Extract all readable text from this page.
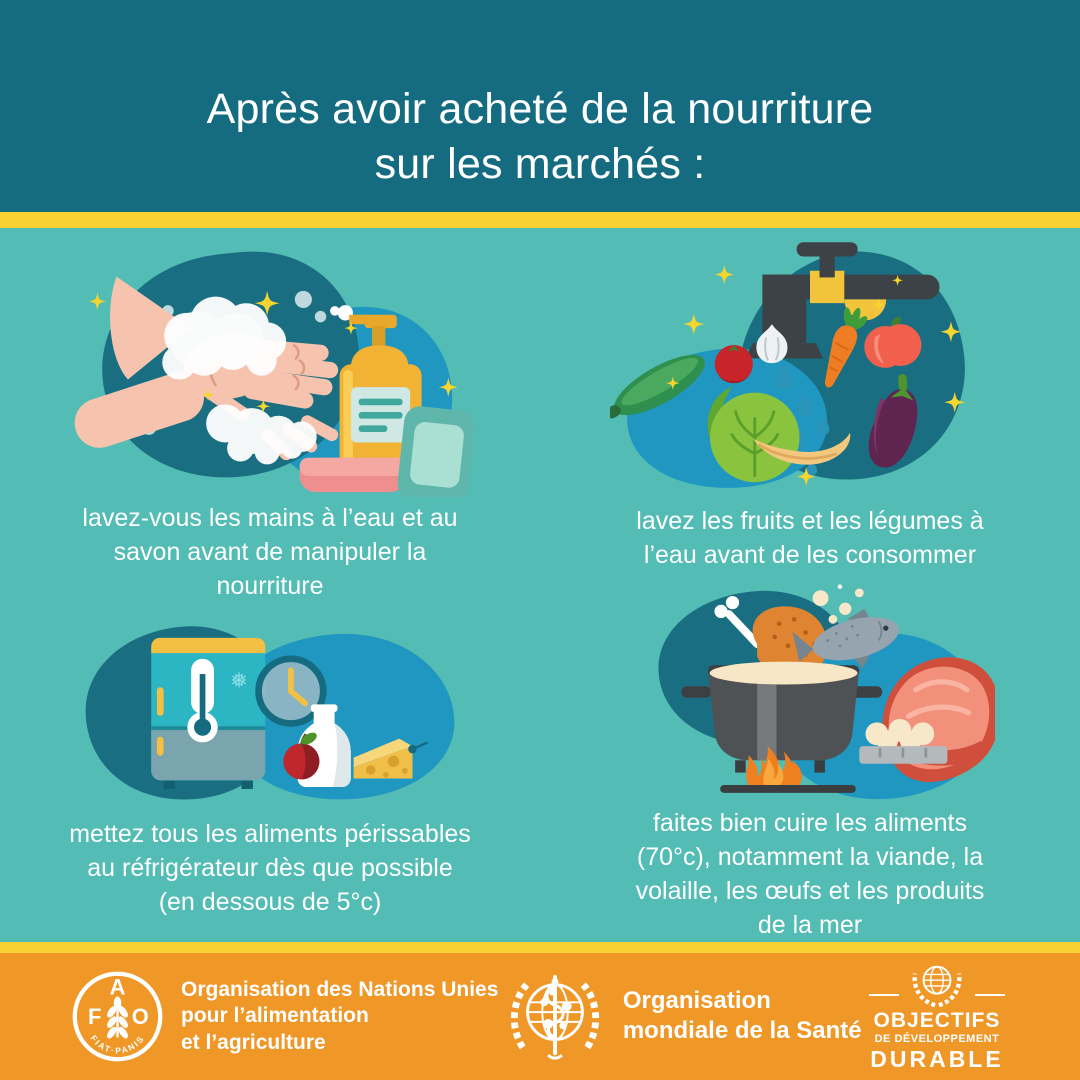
Après avoir acheté de la nourriture
sur les marchés :

lavez-vous les mains à l’eau et au
savon avant de manipuler la
nourriture

❅

mettez tous les aliments périssables
au réfrigérateur dès que possible
(en dessous de 5°c)

lavez les fruits et les légumes à
l’eau avant de les consommer

faites bien cuire les aliments
(70°c), notamment la viande, la
volaille, les œufs et les produits
de la mer

F
A
O
FIAT·PANIS
Organisation des Nations Unies
pour l’alimentation
et l’agriculture
Organisation
mondiale de la Santé OBJECTIFS
DE DÉVELOPPEMENT
DURABLE
